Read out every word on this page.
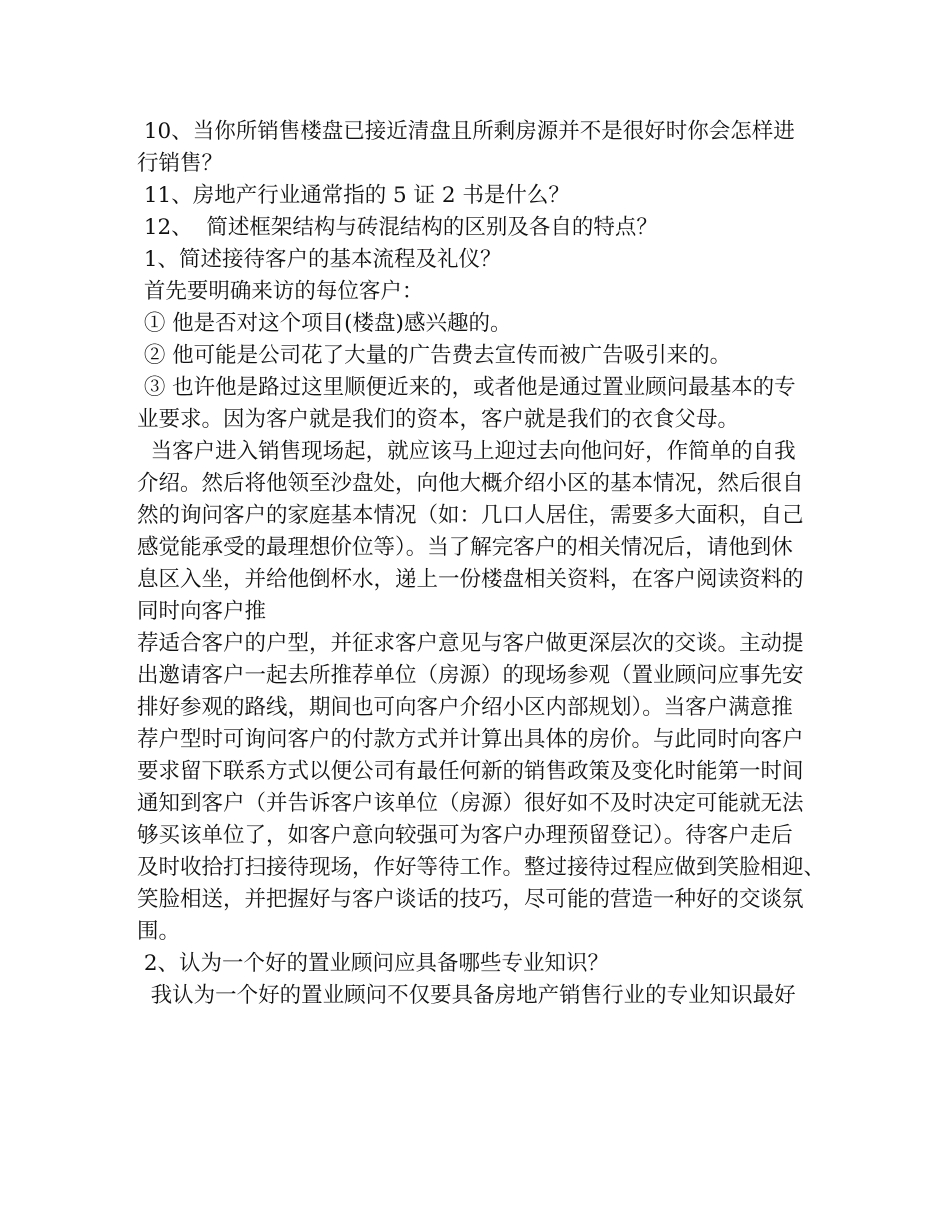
10、当你所销售楼盘已接近清盘且所剩房源并不是很好时你会怎样进
行销售？
11、房地产行业通常指的 5 证 2 书是什么？
12、  简述框架结构与砖混结构的区别及各自的特点？
1、简述接待客户的基本流程及礼仪？
首先要明确来访的每位客户：
① 他是否对这个项目(楼盘)感兴趣的。
② 他可能是公司花了大量的广告费去宣传而被广告吸引来的。
③ 也许他是路过这里顺便近来的，或者他是通过置业顾问最基本的专
业要求。因为客户就是我们的资本，客户就是我们的衣食父母。
当客户进入销售现场起，就应该马上迎过去向他问好，作简单的自我
介绍。然后将他领至沙盘处，向他大概介绍小区的基本情况，然后很自
然的询问客户的家庭基本情况（如：几口人居住，需要多大面积，自己
感觉能承受的最理想价位等）。当了解完客户的相关情况后，请他到休
息区入坐，并给他倒杯水，递上一份楼盘相关资料，在客户阅读资料的
同时向客户推
荐适合客户的户型，并征求客户意见与客户做更深层次的交谈。主动提
出邀请客户一起去所推荐单位（房源）的现场参观（置业顾问应事先安
排好参观的路线，期间也可向客户介绍小区内部规划）。当客户满意推
荐户型时可询问客户的付款方式并计算出具体的房价。与此同时向客户
要求留下联系方式以便公司有最任何新的销售政策及变化时能第一时间
通知到客户（并告诉客户该单位（房源）很好如不及时决定可能就无法
够买该单位了，如客户意向较强可为客户办理预留登记）。待客户走后
及时收拾打扫接待现场，作好等待工作。整过接待过程应做到笑脸相迎、
笑脸相送，并把握好与客户谈话的技巧，尽可能的营造一种好的交谈氛
围。
2、认为一个好的置业顾问应具备哪些专业知识？
我认为一个好的置业顾问不仅要具备房地产销售行业的专业知识最好
